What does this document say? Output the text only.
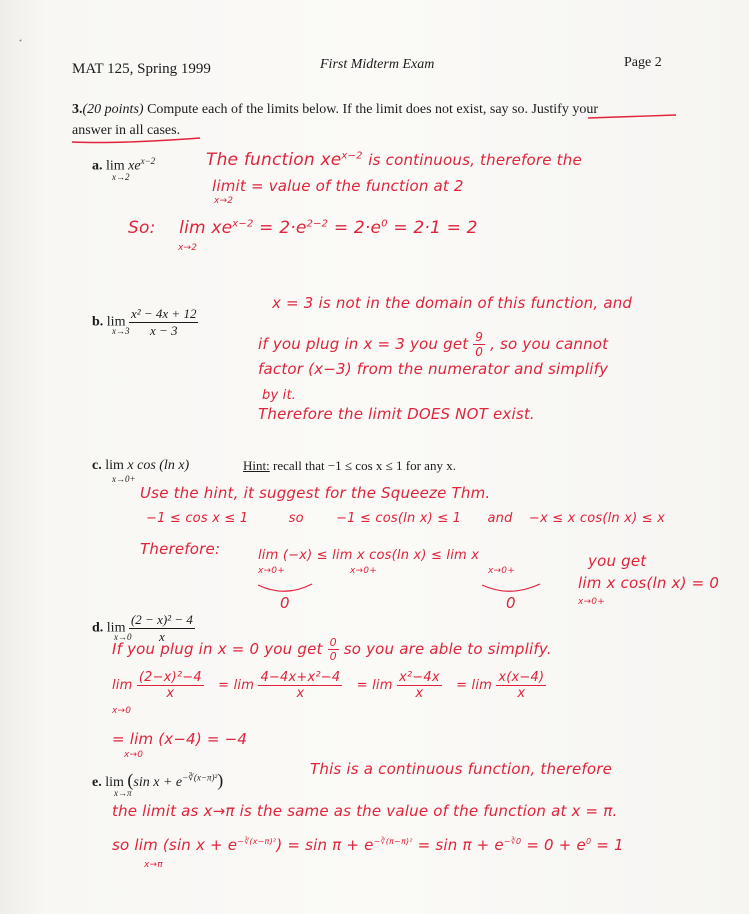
MAT 125, Spring 1999	First Midterm Exam	Page 2
3.(20 points) Compute each of the limits below. If the limit does not exist, say so. Justify your
answer in all cases.
a. $\lim xe^{x-2}$
x→2
The function $xe^{x-2}$ is continuous, therefore the
limit = value of the function at 2
x→2
So: $\lim xe^{x-2} = 2\cdot e^{2-2} = 2\cdot e^0 = 2\cdot 1 = 2$
x→2
b. $\lim \frac{\text{x² − 4x + 12}}{x - 3}$
x→3
x = 3 is not in the domain of this function, and
if you plug in x = 3 you get $\frac{9}{0}$ , so you cannot
factor (x−3) from the numerator and simplify
by it.
Therefore the limit DOES NOT exist.
c. lim x cos (ln x)
x→0+
Hint: recall that −1 ≤ cos x ≤ 1 for any x.
Use the hint, it suggest for the Squeeze Thm.
−1 ≤ cos x ≤ 1	so −1 ≤ cos(ln x) ≤ 1 and −x ≤ x cos(ln x) ≤ x
Therefore:	lim (−x) ≤ lim x cos(ln x) ≤ lim x
x→0+	x→0+	x→0+
0	0
you get
lim x cos(ln x) = 0
x→0+
d. $\lim \frac{\text{(2 − x)² − 4}}{x}$
x→0
If you plug in x = 0 you get $\frac{0}{0}$ so you are able to simplify.
$\lim \frac{\text{(2−x)²−4}}{x} = \lim \frac{\text{4−4x+x²−4}}{x} = \lim \frac{\text{x²−4x}}{x} = \lim \frac{x(x-4)}{x}$
x→0
= lim (x−4) = −4
x→0
e. lim (sin $x + e^{-∛(x-\pi)^2}$)
x→π
This is a continuous function, therefore
the limit as x→π is the same as the value of the function at x = π.
so lim (sin $x + e^{-∛(x-\pi)^2}) = \sin \pi + e^{-∛(\pi-\pi)^2} = \sin \pi + e^{-∛0} = 0 + e^0 = 1$
x→π
